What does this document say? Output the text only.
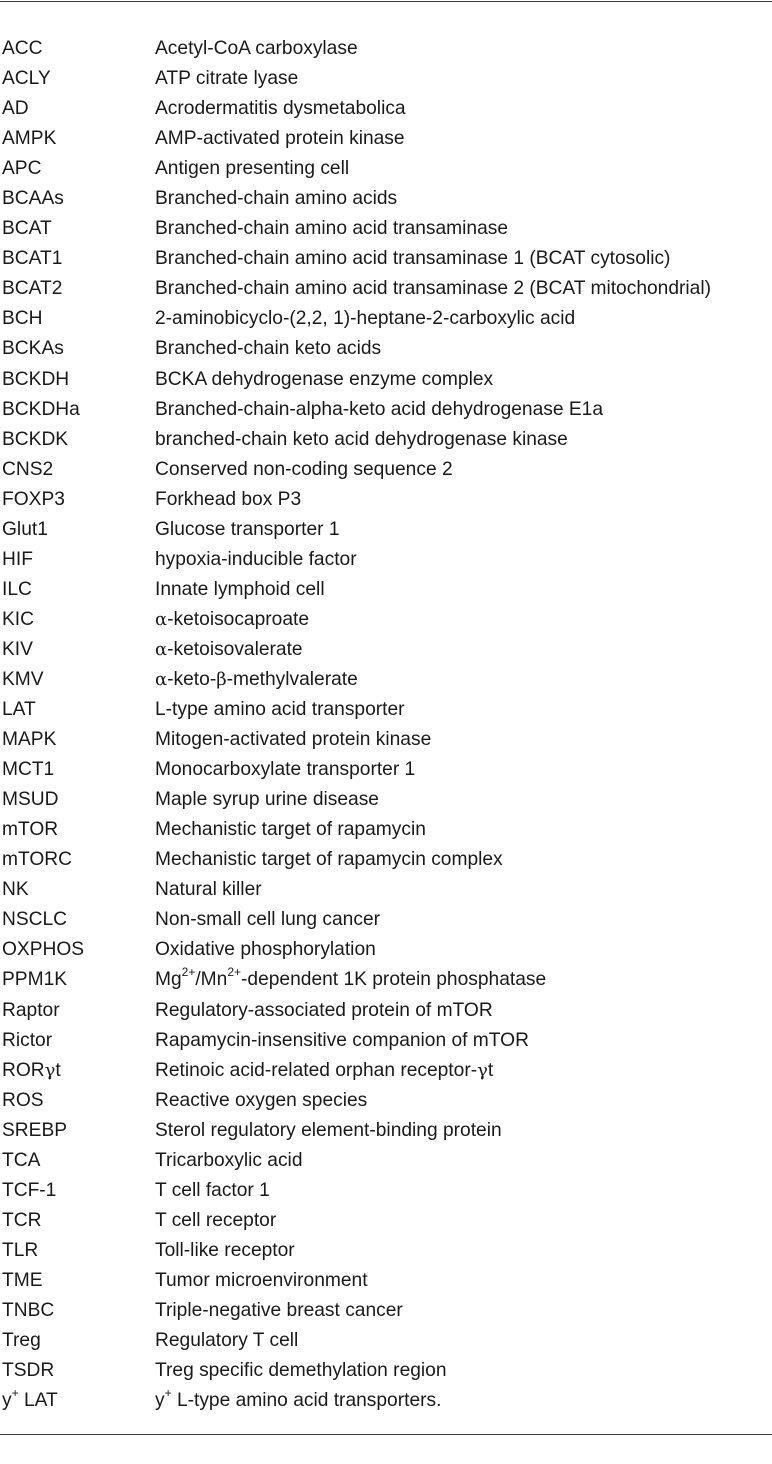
ACC	Acetyl-CoA carboxylase
ACLY	ATP citrate lyase
AD	Acrodermatitis dysmetabolica
AMPK	AMP-activated protein kinase
APC	Antigen presenting cell
BCAAs	Branched-chain amino acids
BCAT	Branched-chain amino acid transaminase
BCAT1	Branched-chain amino acid transaminase 1 (BCAT cytosolic)
BCAT2	Branched-chain amino acid transaminase 2 (BCAT mitochondrial)
BCH	2-aminobicyclo-(2,2, 1)-heptane-2-carboxylic acid
BCKAs	Branched-chain keto acids
BCKDH	BCKA dehydrogenase enzyme complex
BCKDHa	Branched-chain-alpha-keto acid dehydrogenase E1a
BCKDK	branched-chain keto acid dehydrogenase kinase
CNS2	Conserved non-coding sequence 2
FOXP3	Forkhead box P3
Glut1	Glucose transporter 1
HIF	hypoxia-inducible factor
ILC	Innate lymphoid cell
KIC	α-ketoisocaproate
KIV	α-ketoisovalerate
KMV	α-keto-β-methylvalerate
LAT	L-type amino acid transporter
MAPK	Mitogen-activated protein kinase
MCT1	Monocarboxylate transporter 1
MSUD	Maple syrup urine disease
mTOR	Mechanistic target of rapamycin
mTORC	Mechanistic target of rapamycin complex
NK	Natural killer
NSCLC	Non-small cell lung cancer
OXPHOS	Oxidative phosphorylation
PPM1K	$Mg^{2+}/Mn^{2+}$-dependent 1K protein phosphatase
Raptor	Regulatory-associated protein of mTOR
Rictor	Rapamycin-insensitive companion of mTOR
RORγt	Retinoic acid-related orphan receptor-γt
ROS	Reactive oxygen species
SREBP	Sterol regulatory element-binding protein
TCA	Tricarboxylic acid
TCF-1	T cell factor 1
TCR	T cell receptor
TLR	Toll-like receptor
TME	Tumor microenvironment
TNBC	Triple-negative breast cancer
Treg	Regulatory T cell
TSDR	Treg specific demethylation region
y+ LAT	y+ L-type amino acid transporters.
